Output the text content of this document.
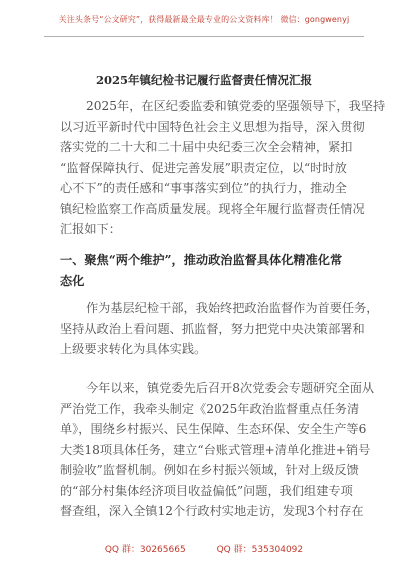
关注头条号“公文研究”，获得最新最全最专业的公文资料库！ 微信：gongwenyj
2025年镇纪检书记履行监督责任情况汇报
2025年，在区纪委监委和镇党委的坚强领导下，我坚持
以习近平新时代中国特色社会主义思想为指导，深入贯彻
落实党的二十大和二十届中央纪委三次全会精神，紧扣
“监督保障执行、促进完善发展”职责定位，以“时时放
心不下”的责任感和“事事落实到位”的执行力，推动全
镇纪检监察工作高质量发展。现将全年履行监督责任情况
汇报如下：
一、聚焦“两个维护”，推动政治监督具体化精准化常
态化
作为基层纪检干部，我始终把政治监督作为首要任务，
坚持从政治上看问题、抓监督，努力把党中央决策部署和
上级要求转化为具体实践。
今年以来，镇党委先后召开8次党委会专题研究全面从
严治党工作，我牵头制定《2025年政治监督重点任务清
单》，围绕乡村振兴、民生保障、生态环保、安全生产等6
大类18项具体任务，建立“台账式管理+清单化推进+销号
制验收”监督机制。例如在乡村振兴领域，针对上级反馈
的“部分村集体经济项目收益偏低”问题，我们组建专项
督查组，深入全镇12个行政村实地走访，发现3个村存在
QQ 群：30265665	QQ 群：535304092
